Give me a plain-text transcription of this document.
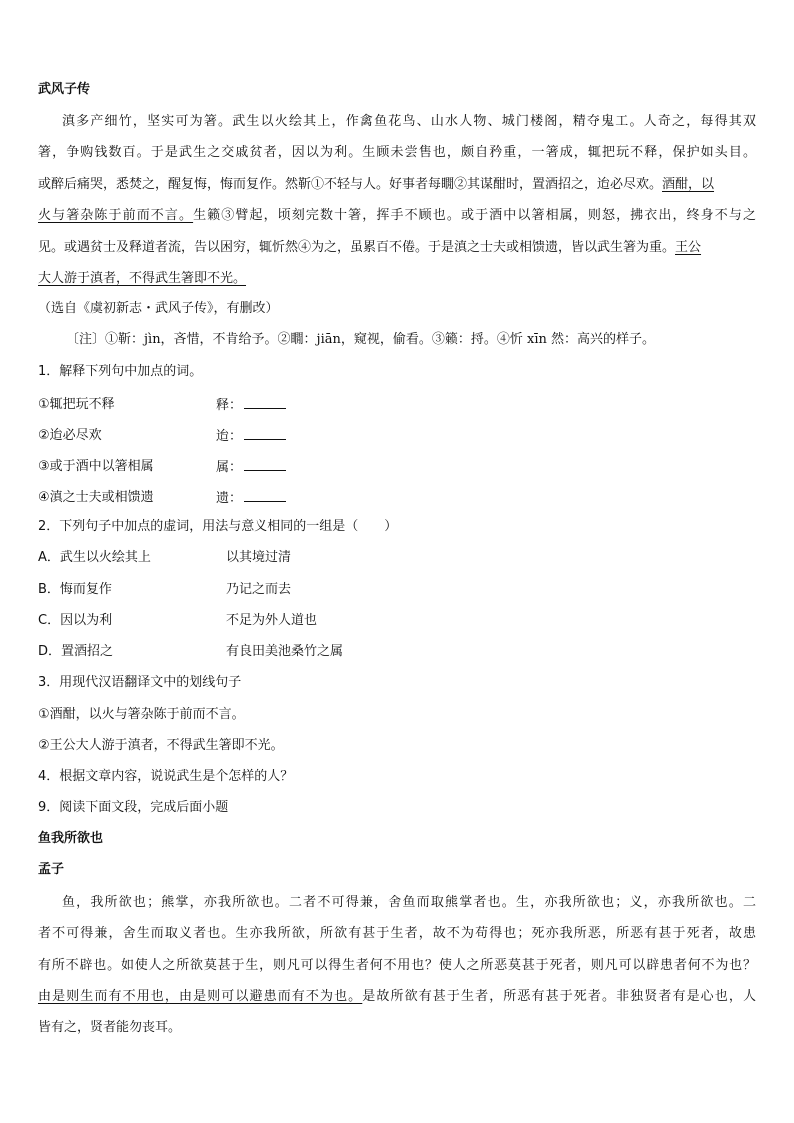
武风子传
滇多产细竹，坚实可为箸。武生以火绘其上，作禽鱼花鸟、山水人物、城门楼阁，精夺鬼工。人奇之，每得其双
箸，争购钱数百。于是武生之交戚贫者，因以为利。生顾未尝售也，颇自矜重，一箸成，辄把玩不释，保护如头目。
或醉后痛哭，悉焚之，醒复悔，悔而复作。然靳①不轻与人。好事者每瞯②其谋酣时，置酒招之，迨必尽欢。酒酣，以
火与箸杂陈于前而不言。生籁③臂起，顷刻完数十箸，挥手不顾也。或于酒中以箸相属，则怒，拂衣出，终身不与之
见。或遇贫士及释道者流，告以困穷，辄忻然④为之，虽累百不倦。于是滇之士夫或相馈遗，皆以武生箸为重。王公
大人游于滇者，不得武生箸即不光。
（选自《虞初新志・武风子传》，有删改）
〔注〕①靳：jìn，吝惜，不肯给予。②瞯：jiān，窥视，偷看。③籁：捋。④忻 xīn 然：高兴的样子。
1．解释下列句中加点的词。
①辄把玩不释	释：
②迨必尽欢	迨：
③或于酒中以箸相属	属：
④滇之士夫或相馈遗	遗：
2．下列句子中加点的虚词，用法与意义相同的一组是（　　）
A．武生以火绘其上	以其境过清
B．悔而复作	乃记之而去
C．因以为利	不足为外人道也
D．置酒招之	有良田美池桑竹之属
3．用现代汉语翻译文中的划线句子
①酒酣，以火与箸杂陈于前而不言。
②王公大人游于滇者，不得武生箸即不光。
4．根据文章内容，说说武生是个怎样的人？
9．阅读下面文段，完成后面小题
鱼我所欲也
孟子
鱼，我所欲也；熊掌，亦我所欲也。二者不可得兼，舍鱼而取熊掌者也。生，亦我所欲也；义，亦我所欲也。二
者不可得兼，舍生而取义者也。生亦我所欲，所欲有甚于生者，故不为苟得也；死亦我所恶，所恶有甚于死者，故患
有所不辟也。如使人之所欲莫甚于生，则凡可以得生者何不用也？使人之所恶莫甚于死者，则凡可以辟患者何不为也？
由是则生而有不用也，由是则可以避患而有不为也。是故所欲有甚于生者，所恶有甚于死者。非独贤者有是心也，人
皆有之，贤者能勿丧耳。
